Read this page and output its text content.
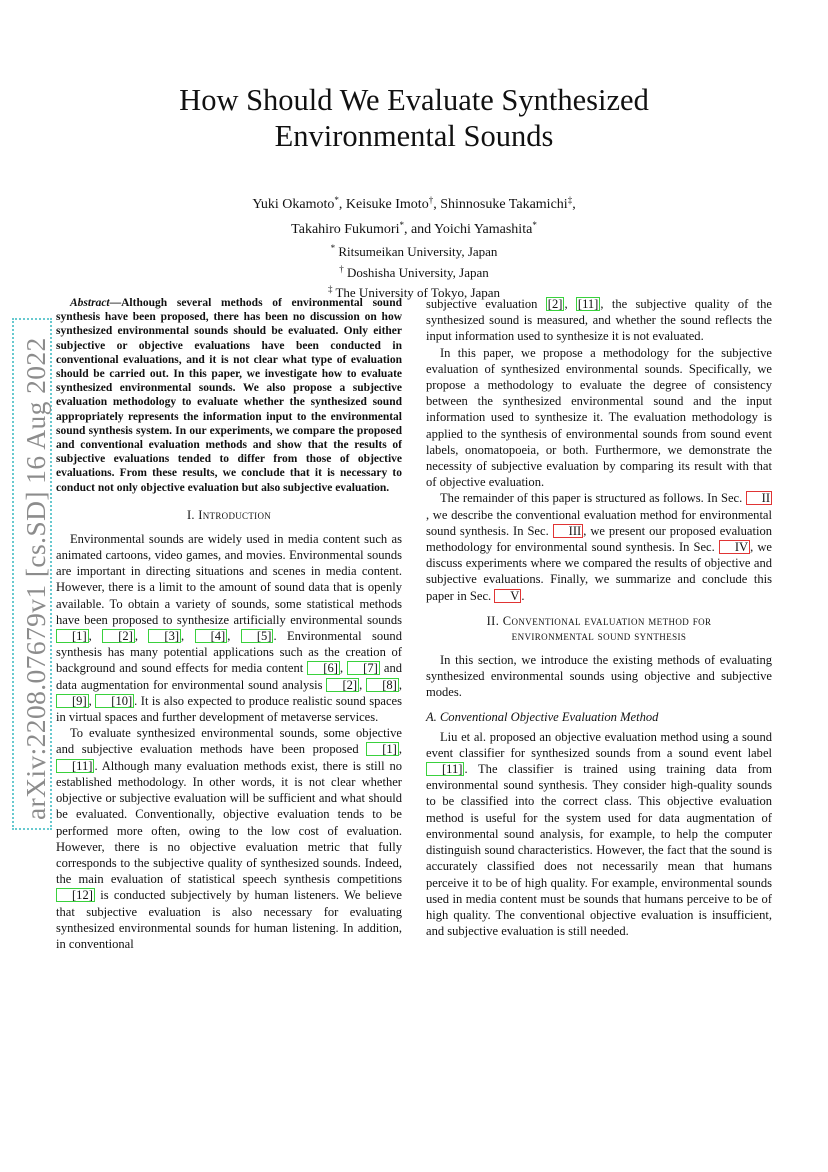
arXiv:2208.07679v1 [cs.SD] 16 Aug 2022
How Should We Evaluate Synthesized
Environmental Sounds
Yuki Okamoto*, Keisuke Imoto†, Shinnosuke Takamichi‡,
Takahiro Fukumori*, and Yoichi Yamashita*
* Ritsumeikan University, Japan
† Doshisha University, Japan
‡ The University of Tokyo, Japan

Abstract—Although several methods of environmental sound synthesis have been proposed, there has been no discussion on how synthesized environmental sounds should be evaluated. Only either subjective or objective evaluations have been conducted in conventional evaluations, and it is not clear what type of evaluation should be carried out. In this paper, we investigate how to evaluate synthesized environmental sounds. We also propose a subjective evaluation methodology to evaluate whether the synthesized sound appropriately represents the information input to the environmental sound synthesis system. In our experiments, we compare the proposed and conventional evaluation methods and show that the results of subjective evaluations tended to differ from those of objective evaluations. From these results, we conclude that it is necessary to conduct not only objective evaluation but also subjective evaluation.

I. Introduction

Environmental sounds are widely used in media content such as animated cartoons, video games, and movies. Environmental sounds are important in directing situations and scenes in media content. However, there is a limit to the amount of sound data that is openly available. To obtain a variety of sounds, some statistical methods have been proposed to synthesize artificially environmental sounds [1] , [2] , [3] , [4] , [5] . Environmental sound synthesis has many potential applications such as the creation of background and sound effects for media content [6] , [7] and data augmentation for environmental sound analysis [2] , [8] , [9] , [10] . It is also expected to produce realistic sound spaces in virtual spaces and further development of metaverse services.

To evaluate synthesized environmental sounds, some objective and subjective evaluation methods have been proposed [1] , [11] . Although many evaluation methods exist, there is still no established methodology. In other words, it is not clear whether objective or subjective evaluation will be sufficient and what should be evaluated. Conventionally, objective evaluation tends to be performed more often, owing to the low cost of evaluation. However, there is no objective evaluation metric that fully corresponds to the subjective quality of synthesized sounds. Indeed, the main evaluation of statistical speech synthesis competitions [12] is conducted subjectively by human listeners. We believe that subjective evaluation is also necessary for evaluating synthesized environmental sounds for human listening. In addition, in conventional

subjective evaluation [2] , [11] , the subjective quality of the synthesized sound is measured, and whether the sound reflects the input information used to synthesize it is not evaluated.

In this paper, we propose a methodology for the subjective evaluation of synthesized environmental sounds. Specifically, we propose a methodology to evaluate the degree of consistency between the synthesized environmental sound and the input information used to synthesize it. The evaluation methodology is applied to the synthesis of environmental sounds from sound event labels, onomatopoeia, or both. Furthermore, we demonstrate the necessity of subjective evaluation by comparing its result with that of objective evaluation.

The remainder of this paper is structured as follows. In Sec. II, we describe the conventional evaluation method for environmental sound synthesis. In Sec. III , we present our proposed evaluation methodology for environmental sound synthesis. In Sec. IV , we discuss experiments where we compared the results of objective and subjective evaluations. Finally, we summarize and conclude this paper in Sec. V .

II. Conventional evaluation method for
environmental sound synthesis

In this section, we introduce the existing methods of evaluating synthesized environmental sounds using objective and subjective modes.

A. Conventional Objective Evaluation Method

Liu et al. proposed an objective evaluation method using a sound event classifier for synthesized sounds from a sound event label [11] . The classifier is trained using training data from environmental sound synthesis. They consider high-quality sounds to be classified into the correct class. This objective evaluation method is useful for the system used for data augmentation of environmental sound analysis, for example, to help the computer distinguish sound characteristics. However, the fact that the sound is accurately classified does not necessarily mean that humans perceive it to be of high quality. For example, environmental sounds used in media content must be sounds that humans perceive to be of high quality. The conventional objective evaluation is insufficient, and subjective evaluation is still needed.
